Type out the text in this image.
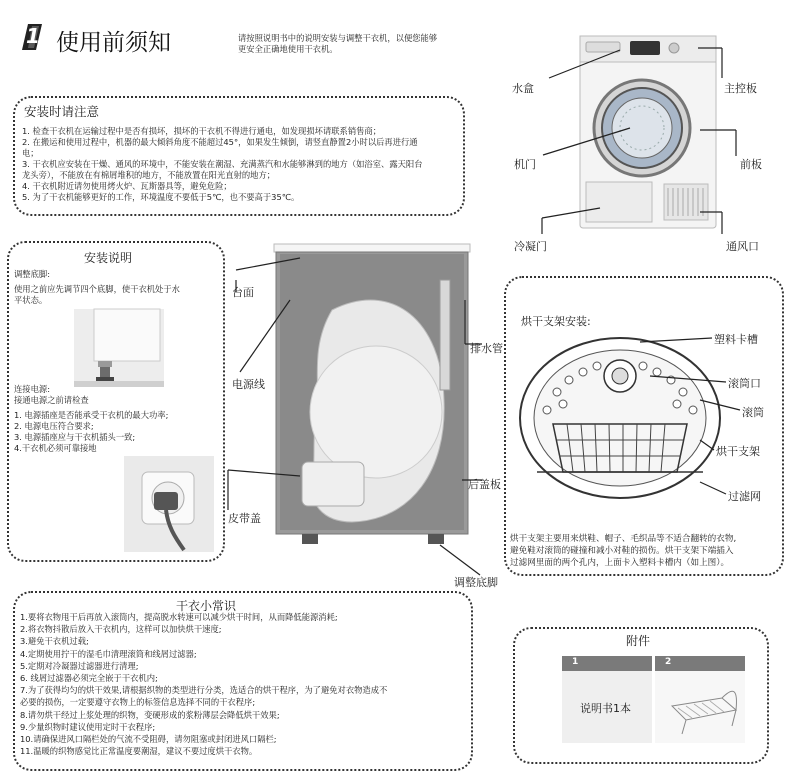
1 使用前须知	请按照说明书中的说明安装与调整干衣机，以便您能够
更安全正确地使用干衣机。
安装时请注意
1. 检查干衣机在运输过程中是否有损坏，损坏的干衣机不得进行通电，如发现损坏请联系销售商；
2. 在搬运和使用过程中，机器的最大倾斜角度不能超过45°，如果发生倾倒，请竖直静置2小时以后再进行通
电；
3. 干衣机应安装在干燥、通风的环境中，不能安装在潮湿、充满蒸汽和水能够淋到的地方（如浴室、露天阳台
龙头旁），不能放在有棉屑堆积的地方，不能放置在阳光直射的地方；
4. 干衣机附近请勿使用烤火炉、瓦斯器具等，避免危险；
5. 为了干衣机能够更好的工作，环境温度不要低于5℃，也不要高于35℃。
水盒	主控板
机门	前板
冷凝门	通风口
安装说明
调整底脚:
使用之前应先调节四个底脚，使干衣机处于水
平状态。
连接电源:
接通电源之前请检查
1. 电源插座是否能承受干衣机的最大功率;
2. 电源电压符合要求;
3. 电源插座应与干衣机插头一致;
4.干衣机必须可靠接地
台面
排水管
电源线
后盖板
皮带盖
调整底脚
烘干支架安装:
塑料卡槽
滚筒口
滚筒
烘干支架
过滤网
烘干支架主要用来烘鞋、帽子、毛织品等不适合翻转的衣物,
避免鞋对滚筒的碰撞和减小对鞋的损伤。烘干支架下端插入
过滤网里面的两个孔内，上面卡入塑料卡槽内（如上图）。
干衣小常识
1.要将衣物甩干后再放入滚筒内，提高脱水转速可以减少烘干时间，从而降低能源消耗;
2.将衣物抖散后放入干衣机内，这样可以加快烘干速度;
3.避免干衣机过载;
4.定期使用拧干的湿毛巾清理滚筒和线屑过滤器;
5.定期对冷凝器过滤器进行清理;
6. 线屑过滤器必须完全嵌于干衣机内;
7.为了获得均匀的烘干效果,请根据织物的类型进行分类，选适合的烘干程序，为了避免对衣物造成不
必要的损伤，一定要遵守衣物上的标签信息选择不同的干衣程序;
8.请勿烘干经过上浆处理的织物，变硬形成的浆粉薄层会降低烘干效果;
9.少量织物时建议使用定时干衣程序;
10.请确保进风口隔栏处的气流不受阻碍，请勿阻塞或封闭进风口隔栏;
11.温暖的织物感觉比正常温度要潮湿，建议不要过度烘干衣物。
附件
1	2
说明书1本
